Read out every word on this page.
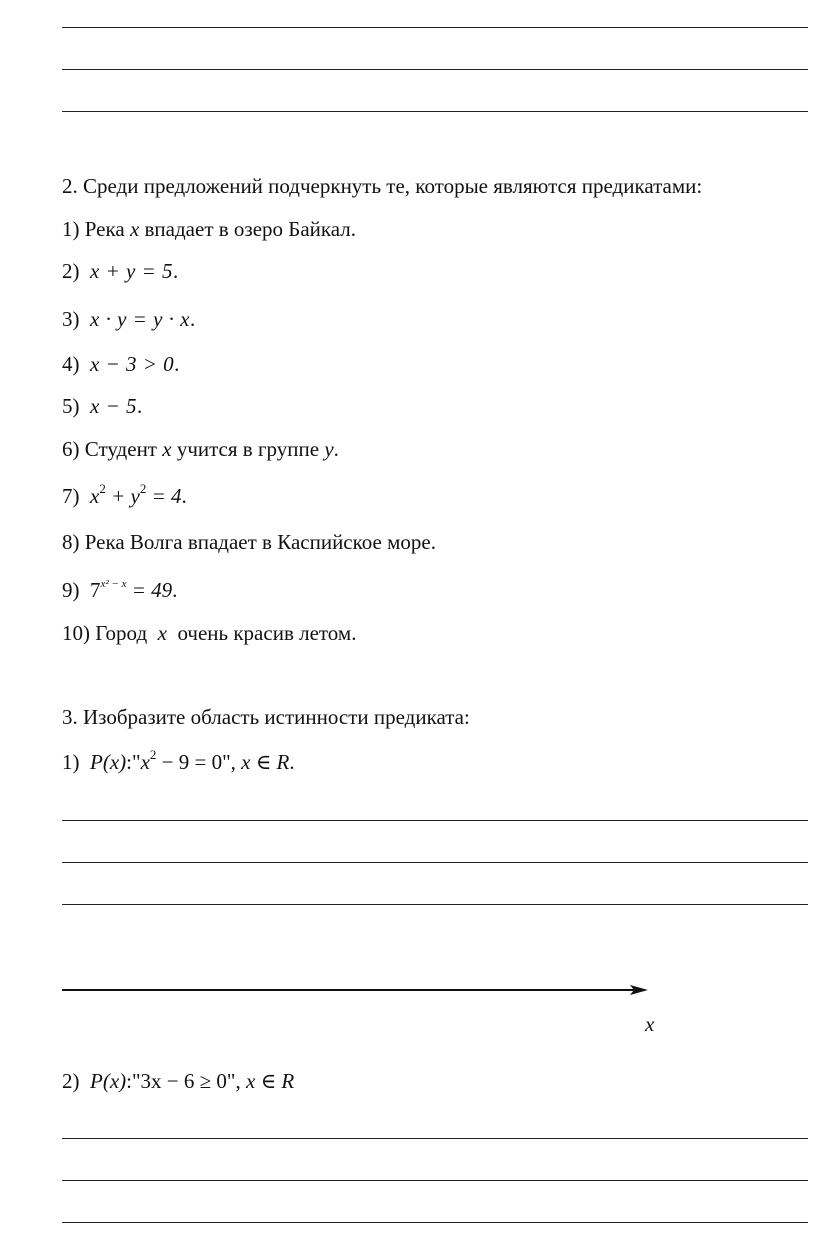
2. Среди предложений подчеркнуть те, которые являются предикатами:
1) Река x впадает в озеро Байкал.
2) x + y = 5.
3) x · y = y · x.
4) x − 3 > 0.
5) x − 5.
6) Студент x учится в группе y.
7) $x^2 + y^2 = 4$.
8) Река Волга впадает в Каспийское море.
9) $7^{x^2 - x} = 49$.
10) Город x очень красив летом.
3. Изобразите область истинности предиката:
1) $P(x):"x^2 - 9 = 0$", x ∈ R.
x
2) P(x):"3x − 6 ≥ 0", x ∈ R
